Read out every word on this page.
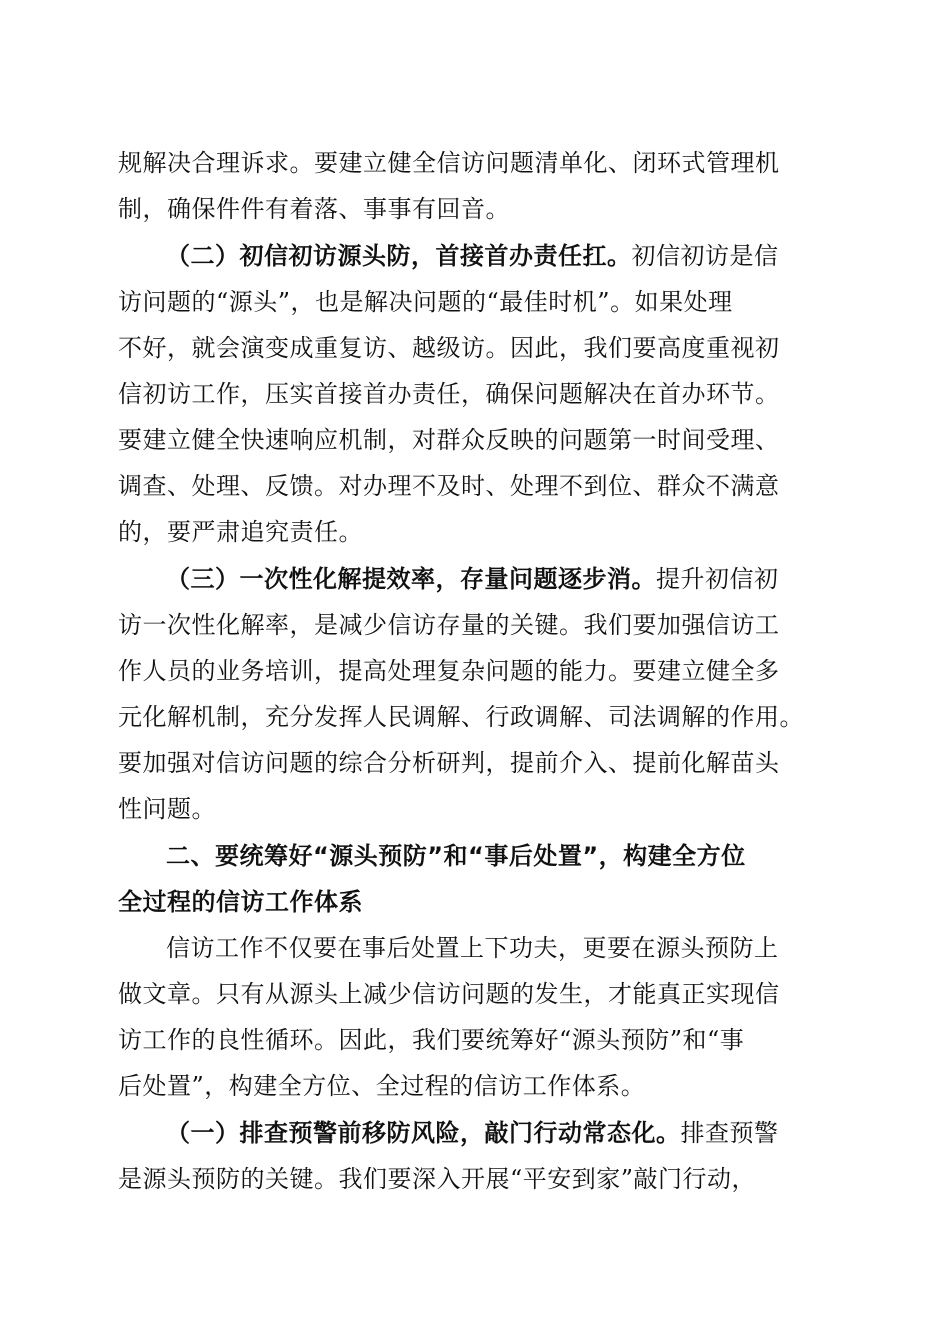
规解决合理诉求。要建立健全信访问题清单化、闭环式管理机
制，确保件件有着落、事事有回音。
（二）初信初访源头防，首接首办责任扛。初信初访是信
访问题的“源头”，也是解决问题的“最佳时机”。如果处理
不好，就会演变成重复访、越级访。因此，我们要高度重视初
信初访工作，压实首接首办责任，确保问题解决在首办环节。
要建立健全快速响应机制，对群众反映的问题第一时间受理、
调查、处理、反馈。对办理不及时、处理不到位、群众不满意
的，要严肃追究责任。
（三）一次性化解提效率，存量问题逐步消。提升初信初
访一次性化解率，是减少信访存量的关键。我们要加强信访工
作人员的业务培训，提高处理复杂问题的能力。要建立健全多
元化解机制，充分发挥人民调解、行政调解、司法调解的作用。
要加强对信访问题的综合分析研判，提前介入、提前化解苗头
性问题。
二、要统筹好“源头预防”和“事后处置”，构建全方位
全过程的信访工作体系
信访工作不仅要在事后处置上下功夫，更要在源头预防上
做文章。只有从源头上减少信访问题的发生，才能真正实现信
访工作的良性循环。因此，我们要统筹好“源头预防”和“事
后处置”，构建全方位、全过程的信访工作体系。
（一）排查预警前移防风险，敲门行动常态化。排查预警
是源头预防的关键。我们要深入开展“平安到家”敲门行动，
